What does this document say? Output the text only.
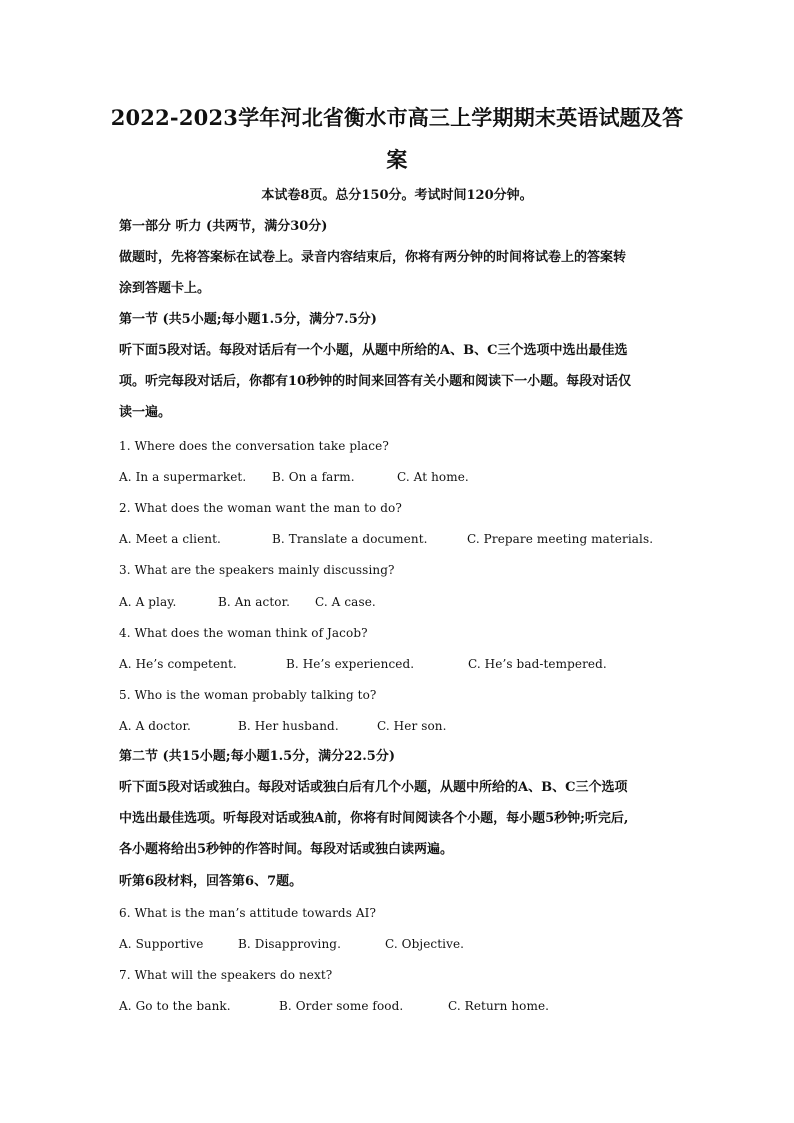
2022-2023学年河北省衡水市高三上学期期末英语试题及答
案
本试卷8页。总分150分。考试时间120分钟。
第一部分 听力 (共两节，满分30分)
做题时，先将答案标在试卷上。录音内容结束后，你将有两分钟的时间将试卷上的答案转
涂到答题卡上。
第一节 (共5小题;每小题1.5分，满分7.5分)
听下面5段对话。每段对话后有一个小题，从题中所给的A、B、C三个选项中选出最佳选
项。听完每段对话后，你都有10秒钟的时间来回答有关小题和阅读下一小题。每段对话仅
读一遍。
1. Where does the conversation take place?
A. In a supermarket. B. On a farm.	C. At home.
2. What does the woman want the man to do?
A. Meet a client.	B. Translate a document.	C. Prepare meeting materials.
3. What are the speakers mainly discussing?
A. A play.	B. An actor. C. A case.
4. What does the woman think of Jacob?
A. He’s competent.	B. He’s experienced.	C. He’s bad-tempered.
5. Who is the woman probably talking to?
A. A doctor.	B. Her husband.	C. Her son.
第二节 (共15小题;每小题1.5分，满分22.5分)
听下面5段对话或独白。每段对话或独白后有几个小题，从题中所给的A、B、C三个选项
中选出最佳选项。听每段对话或独A前，你将有时间阅读各个小题，每小题5秒钟;听完后,
各小题将给出5秒钟的作答时间。每段对话或独白读两遍。
听第6段材料，回答第6、7题。
6. What is the man’s attitude towards AI?
A. Supportive	B. Disapproving.	C. Objective.
7. What will the speakers do next?
A. Go to the bank.	B. Order some food.	C. Return home.
